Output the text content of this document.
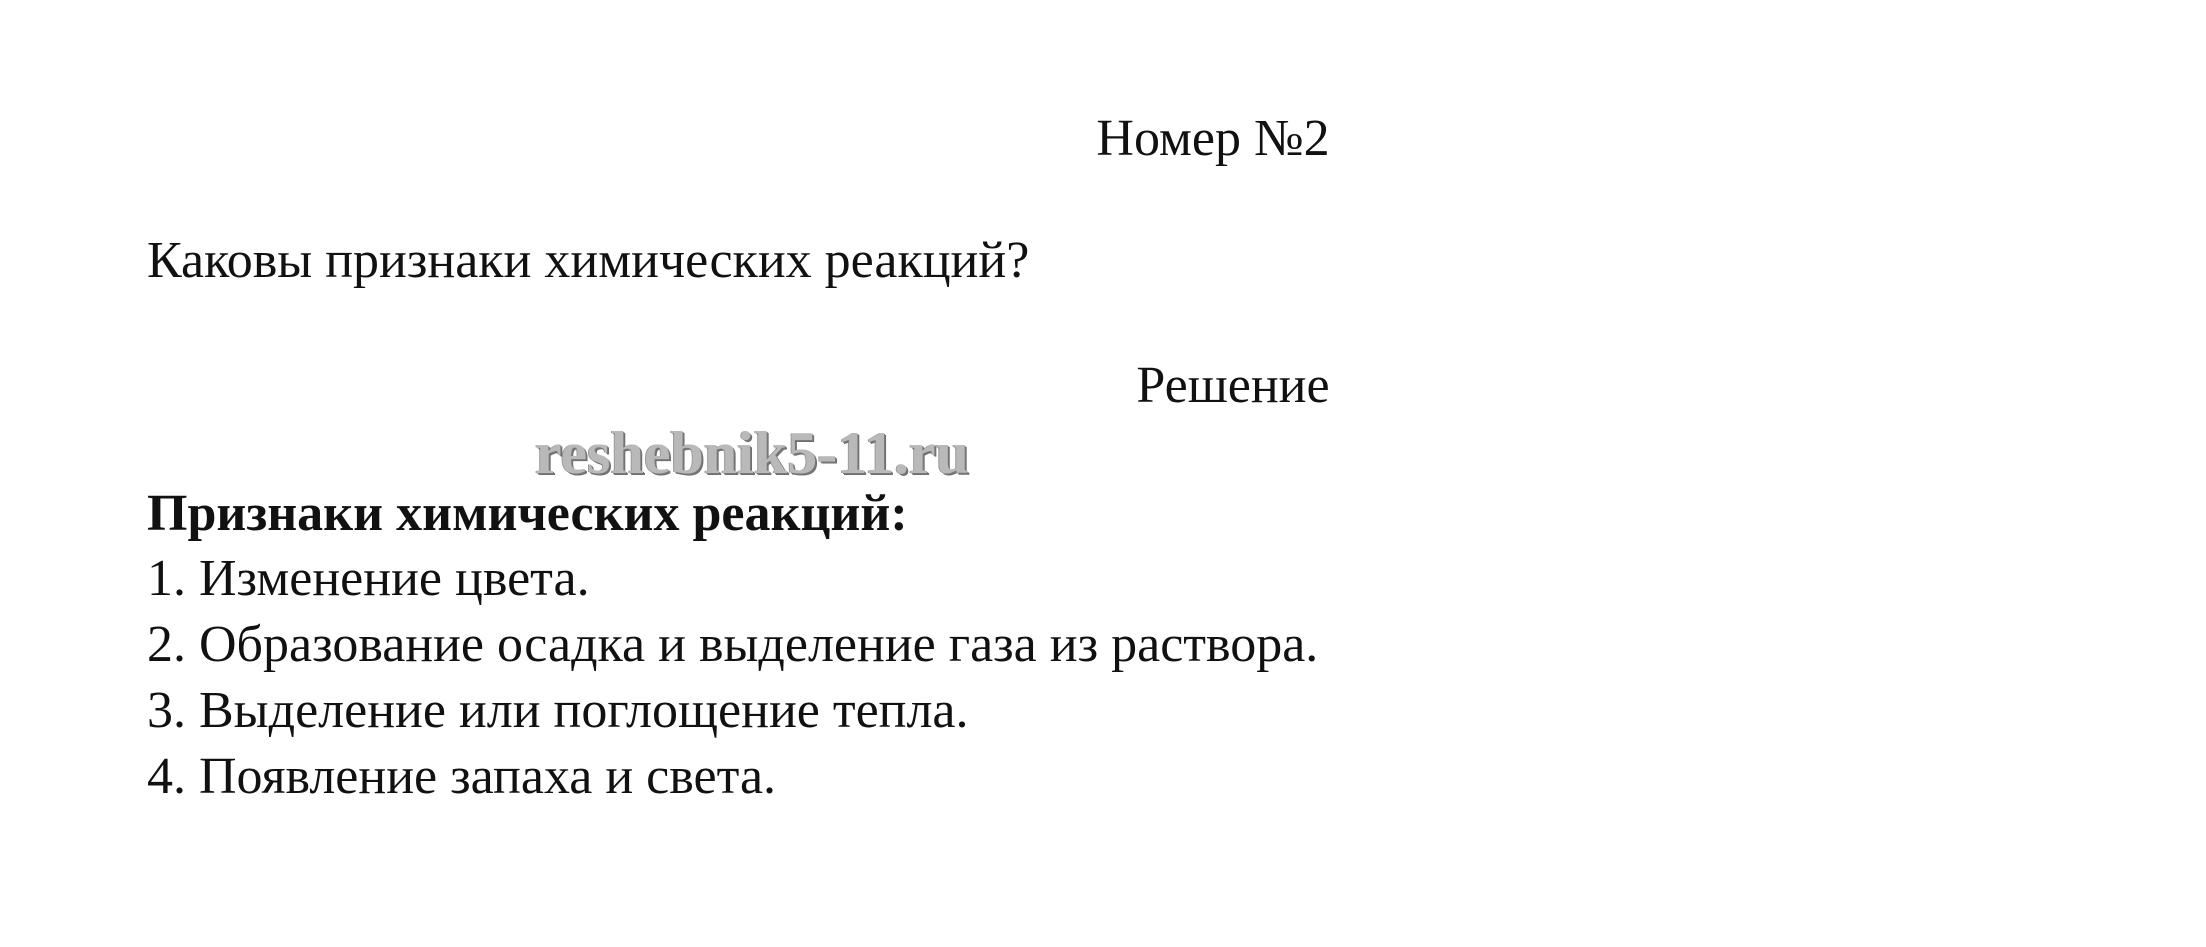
Номер №2
Каковы признаки химических реакций?
Решение
reshebnik5-11.ru
Признаки химических реакций:
1. Изменение цвета.
2. Образование осадка и выделение газа из раствора.
3. Выделение или поглощение тепла.
4. Появление запаха и света.
